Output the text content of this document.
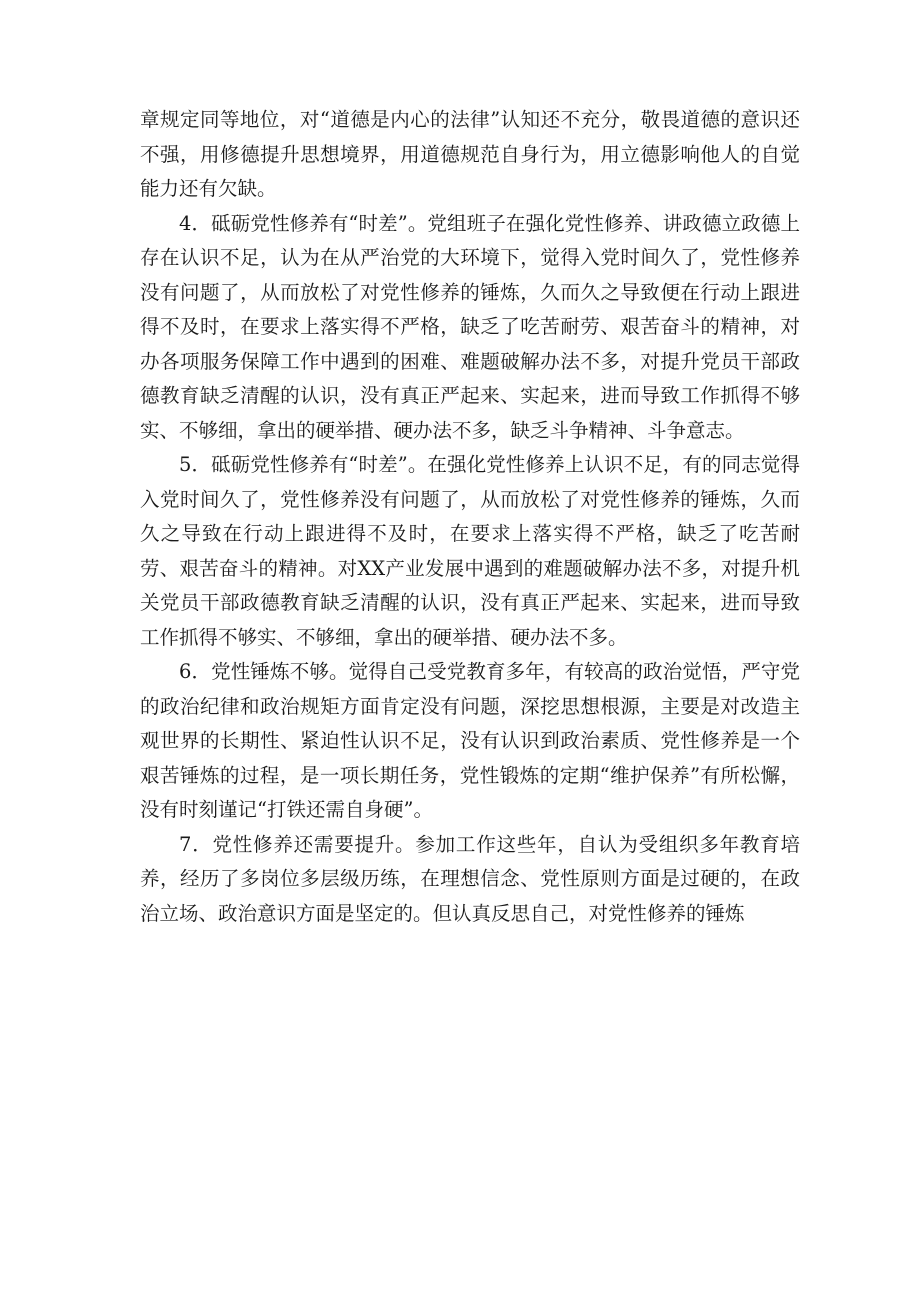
章规定同等地位，对“道德是内心的法律”认知还不充分，敬畏道德的意识还不强，用修德提升思想境界，用道德规范自身行为，用立德影响他人的自觉能力还有欠缺。

4．砥砺党性修养有“时差”。党组班子在强化党性修养、讲政德立政德上存在认识不足，认为在从严治党的大环境下，觉得入党时间久了，党性修养没有问题了，从而放松了对党性修养的锤炼，久而久之导致便在行动上跟进得不及时，在要求上落实得不严格，缺乏了吃苦耐劳、艰苦奋斗的精神，对办各项服务保障工作中遇到的困难、难题破解办法不多，对提升党员干部政德教育缺乏清醒的认识，没有真正严起来、实起来，进而导致工作抓得不够实、不够细，拿出的硬举措、硬办法不多，缺乏斗争精神、斗争意志。

5．砥砺党性修养有“时差”。在强化党性修养上认识不足，有的同志觉得入党时间久了，党性修养没有问题了，从而放松了对党性修养的锤炼，久而久之导致在行动上跟进得不及时，在要求上落实得不严格，缺乏了吃苦耐劳、艰苦奋斗的精神。对XX产业发展中遇到的难题破解办法不多，对提升机关党员干部政德教育缺乏清醒的认识，没有真正严起来、实起来，进而导致工作抓得不够实、不够细，拿出的硬举措、硬办法不多。

6．党性锤炼不够。觉得自己受党教育多年，有较高的政治觉悟，严守党的政治纪律和政治规矩方面肯定没有问题，深挖思想根源，主要是对改造主观世界的长期性、紧迫性认识不足，没有认识到政治素质、党性修养是一个艰苦锤炼的过程，是一项长期任务，党性锻炼的定期“维护保养”有所松懈，没有时刻谨记“打铁还需自身硬”。

7．党性修养还需要提升。参加工作这些年，自认为受组织多年教育培养，经历了多岗位多层级历练，在理想信念、党性原则方面是过硬的，在政治立场、政治意识方面是坚定的。但认真反思自己，对党性修养的锤炼
